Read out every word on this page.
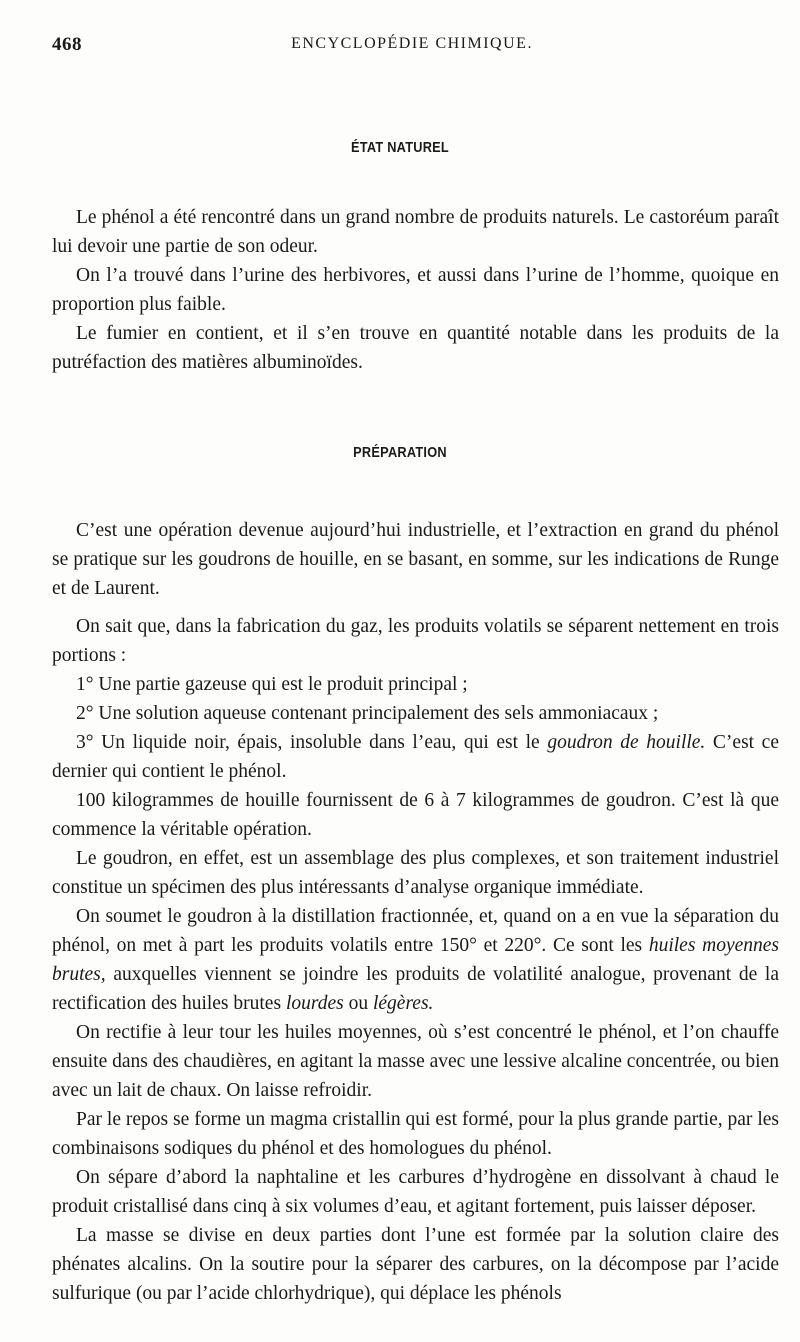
468	ENCYCLOPÉDIE CHIMIQUE.
ÉTAT NATUREL

Le phénol a été rencontré dans un grand nombre de produits naturels. Le castoréum paraît lui devoir une partie de son odeur.

On l’a trouvé dans l’urine des herbivores, et aussi dans l’urine de l’homme, quoique en proportion plus faible.

Le fumier en contient, et il s’en trouve en quantité notable dans les produits de la putréfaction des matières albuminoïdes.

PRÉPARATION

C’est une opération devenue aujourd’hui industrielle, et l’extraction en grand du phénol se pratique sur les goudrons de houille, en se basant, en somme, sur les indications de Runge et de Laurent.

On sait que, dans la fabrication du gaz, les produits volatils se séparent nettement en trois portions :

1° Une partie gazeuse qui est le produit principal ;

2° Une solution aqueuse contenant principalement des sels ammoniacaux ;

3° Un liquide noir, épais, insoluble dans l’eau, qui est le goudron de houille. C’est ce dernier qui contient le phénol.

100 kilogrammes de houille fournissent de 6 à 7 kilogrammes de goudron. C’est là que commence la véritable opération.

Le goudron, en effet, est un assemblage des plus complexes, et son traitement industriel constitue un spécimen des plus intéressants d’analyse organique immédiate.

On soumet le goudron à la distillation fractionnée, et, quand on a en vue la séparation du phénol, on met à part les produits volatils entre 150° et 220°. Ce sont les huiles moyennes brutes, auxquelles viennent se joindre les produits de volatilité analogue, provenant de la rectification des huiles brutes lourdes ou légères.

On rectifie à leur tour les huiles moyennes, où s’est concentré le phénol, et l’on chauffe ensuite dans des chaudières, en agitant la masse avec une lessive alcaline concentrée, ou bien avec un lait de chaux. On laisse refroidir.

Par le repos se forme un magma cristallin qui est formé, pour la plus grande partie, par les combinaisons sodiques du phénol et des homologues du phénol.

On sépare d’abord la naphtaline et les carbures d’hydrogène en dissolvant à chaud le produit cristallisé dans cinq à six volumes d’eau, et agitant fortement, puis laisser déposer.

La masse se divise en deux parties dont l’une est formée par la solution claire des phénates alcalins. On la soutire pour la séparer des carbures, on la décompose par l’acide sulfurique (ou par l’acide chlorhydrique), qui déplace les phénols
